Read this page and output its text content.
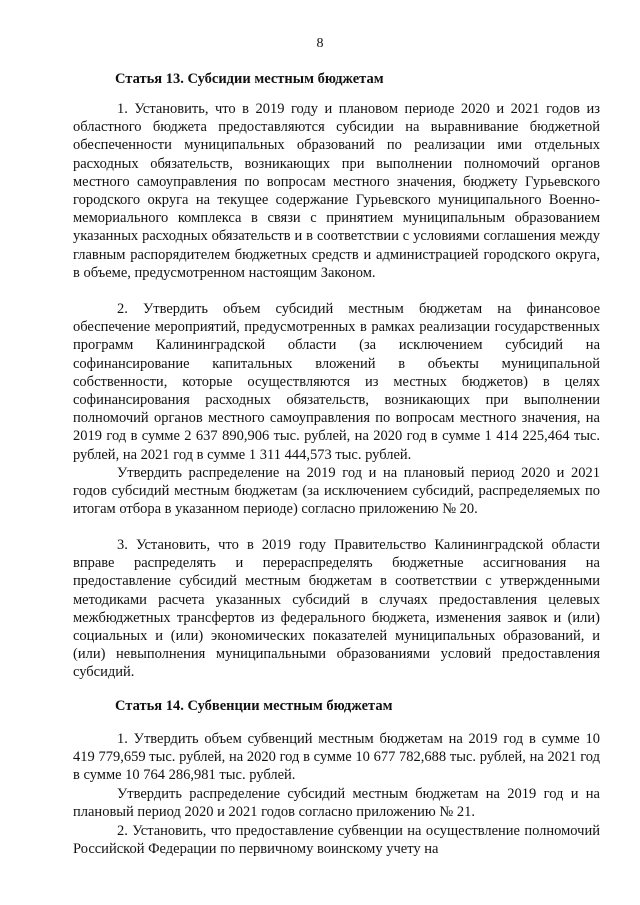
8
Статья 13. Субсидии местным бюджетам
1. Установить, что в 2019 году и плановом периоде 2020 и 2021 годов из областного бюджета предоставляются субсидии на выравнивание бюджетной обеспеченности муниципальных образований по реализации ими отдельных расходных обязательств, возникающих при выполнении полномочий органов местного самоуправления по вопросам местного значения, бюджету Гурьевского городского округа на текущее содержание Гурьевского муниципального Военно-мемориального комплекса в связи с принятием муниципальным образованием указанных расходных обязательств и в соответствии с условиями соглашения между главным распорядителем бюджетных средств и администрацией городского округа, в объеме, предусмотренном настоящим Законом.
2. Утвердить объем субсидий местным бюджетам на финансовое обеспечение мероприятий, предусмотренных в рамках реализации государственных программ Калининградской области (за исключением субсидий на софинансирование капитальных вложений в объекты муниципальной собственности, которые осуществляются из местных бюджетов) в целях софинансирования расходных обязательств, возникающих при выполнении полномочий органов местного самоуправления по вопросам местного значения, на 2019 год в сумме 2 637 890,906 тыс. рублей, на 2020 год в сумме 1 414 225,464 тыс. рублей, на 2021 год в сумме 1 311 444,573 тыс. рублей.
Утвердить распределение на 2019 год и на плановый период 2020 и 2021 годов субсидий местным бюджетам (за исключением субсидий, распределяемых по итогам отбора в указанном периоде) согласно приложению № 20.
3. Установить, что в 2019 году Правительство Калининградской области вправе распределять и перераспределять бюджетные ассигнования на предоставление субсидий местным бюджетам в соответствии с утвержденными методиками расчета указанных субсидий в случаях предоставления целевых межбюджетных трансфертов из федерального бюджета, изменения заявок и (или) социальных и (или) экономических показателей муниципальных образований, и (или) невыполнения муниципальными образованиями условий предоставления субсидий.
Статья 14. Субвенции местным бюджетам
1. Утвердить объем субвенций местным бюджетам на 2019 год в сумме 10 419 779,659 тыс. рублей, на 2020 год в сумме 10 677 782,688 тыс. рублей, на 2021 год в сумме 10 764 286,981 тыс. рублей.
Утвердить распределение субсидий местным бюджетам на 2019 год и на плановый период 2020 и 2021 годов согласно приложению № 21.
2. Установить, что предоставление субвенции на осуществление полномочий Российской Федерации по первичному воинскому учету на
